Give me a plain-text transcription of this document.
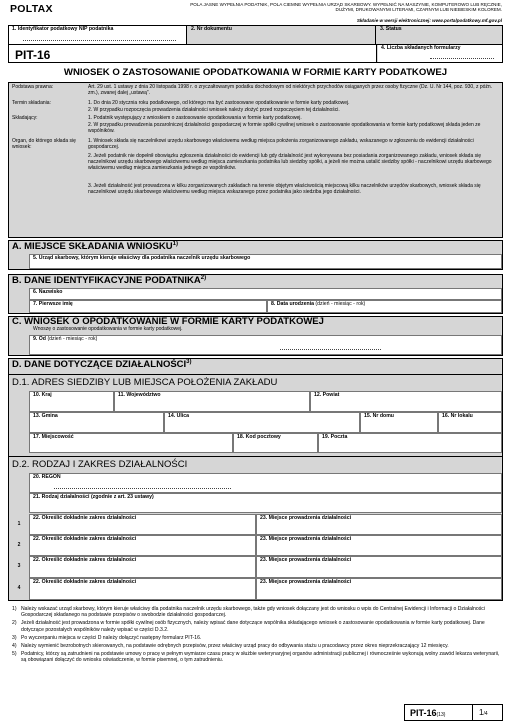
POLTAX	POLA JASNE WYPEŁNIA PODATNIK, POLA CIEMNE WYPEŁNIA URZĄD SKARBOWY. WYPEŁNIĆ NA MASZYNIE, KOMPUTEROWO LUB RĘCZNIE, DUŻYMI, DRUKOWANYMI LITERAMI, CZARNYM LUB NIEBIESKIM KOLOREM.
Składanie w wersji elektronicznej: www.portalpodatkowy.mf.gov.pl
1. Identyfikator podatkowy NIP podatnika	2. Nr dokumentu	3. Status
PIT-16	4. Liczba składanych formularzy
WNIOSEK O ZASTOSOWANIE OPODATKOWANIA W FORMIE KARTY PODATKOWEJ
Podstawa prawna:	Art. 29 ust. 1 ustawy z dnia 20 listopada 1998 r. o zryczałtowanym podatku dochodowym od niektórych przychodów osiąganych przez osoby fizyczne (Dz. U. Nr 144, poz. 930, z późn. zm.), zwanej dalej „ustawą”.
Termin składania:	1. Do dnia 20 stycznia roku podatkowego, od którego ma być zastosowane opodatkowanie w formie karty podatkowej.
2. W przypadku rozpoczęcia prowadzenia działalności wniosek należy złożyć przed rozpoczęciem tej działalności.
Składający:	1. Podatnik występujący z wnioskiem o zastosowanie opodatkowania w formie karty podatkowej.
2. W przypadku prowadzenia pozarolniczej działalności gospodarczej w formie spółki cywilnej wniosek o zastosowanie opodatkowania w formie karty podatkowej składa jeden ze wspólników.
Organ, do którego składa się wniosek:
1. Wniosek składa się naczelnikowi urzędu skarbowego właściwemu według miejsca położenia zorganizowanego zakładu, wskazanego w zgłoszeniu do ewidencji działalności gospodarczej.
2. Jeżeli podatnik nie dopełnił obowiązku zgłoszenia działalności do ewidencji lub gdy działalność jest wykonywana bez posiadania zorganizowanego zakładu, wniosek składa się naczelnikowi urzędu skarbowego właściwemu według miejsca zamieszkania podatnika lub siedziby spółki, a jeżeli nie można ustalić siedziby spółki - naczelnikowi urzędu skarbowego właściwemu według miejsca zamieszkania jednego ze wspólników.
3. Jeżeli działalność jest prowadzona w kilku zorganizowanych zakładach na terenie objętym właściwością miejscową kilku naczelników urzędów skarbowych, wniosek składa się naczelnikowi urzędu skarbowego właściwemu według miejsca wskazanego przez podatnika jako siedziba jego działalności.
A. MIEJSCE SKŁADANIA WNIOSKU$^{1)}$
5. Urząd skarbowy, którym kieruje właściwy dla podatnika naczelnik urzędu skarbowego
B. DANE IDENTYFIKACYJNE PODATNIKA$^{2)}$
6. Nazwisko
7. Pierwsze imię	8. Data urodzenia (dzień - miesiąc - rok)
C. WNIOSEK O OPODATKOWANIE W FORMIE KARTY PODATKOWEJ
Wnoszę o zastosowanie opodatkowania w formie karty podatkowej.
9. Od (dzień - miesiąc - rok)
D. DANE DOTYCZĄCE DZIAŁALNOŚCI$^{3)}$
D.1. ADRES SIEDZIBY LUB MIEJSCA POŁOŻENIA ZAKŁADU
10. Kraj	11. Województwo	12. Powiat
13. Gmina	14. Ulica	15. Nr domu	16. Nr lokalu
17. Miejscowość	18. Kod pocztowy	19. Poczta
D.2. RODZAJ I ZAKRES DZIAŁALNOŚCI
20. REGON
21. Rodzaj działalności (zgodnie z art. 23 ustawy)
1
22. Określić dokładnie zakres działalności	23. Miejsce prowadzenia działalności
2
22. Określić dokładnie zakres działalności	23. Miejsce prowadzenia działalności
3
22. Określić dokładnie zakres działalności	23. Miejsce prowadzenia działalności
4
22. Określić dokładnie zakres działalności	23. Miejsce prowadzenia działalności
1) Należy wskazać urząd skarbowy, którym kieruje właściwy dla podatnika naczelnik urzędu skarbowego, także gdy wniosek dołączany jest do wniosku o wpis do Centralnej Ewidencji i Informacji o Działalności Gospodarczej składanego na podstawie przepisów o swobodzie działalności gospodarczej.
2) Jeżeli działalność jest prowadzona w formie spółki cywilnej osób fizycznych, należy wpisać dane dotyczące wspólnika składającego wniosek o zastosowanie opodatkowania w formie karty podatkowej. Dane dotyczące pozostałych wspólników należy wpisać w części D.3.2.
3) Po wyczerpaniu miejsca w części D należy dołączyć następny formularz PIT-16.
4) Należy wymienić bezrobotnych skierowanych, na podstawie odrębnych przepisów, przez właściwy urząd pracy do odbywania stażu u pracodawcy przez okres nieprzekraczający 12 miesięcy.
5) Podatnicy, którzy są zatrudnieni na podstawie umowy o pracę w pełnym wymiarze czasu pracy w służbie weterynaryjnej organów administracji publicznej i równocześnie wykonują wolny zawód lekarza weterynarii, są obowiązani dołączyć do wniosku oświadczenie, w formie pisemnej, o tym zatrudnieniu.
PIT-16(13)	1/4
